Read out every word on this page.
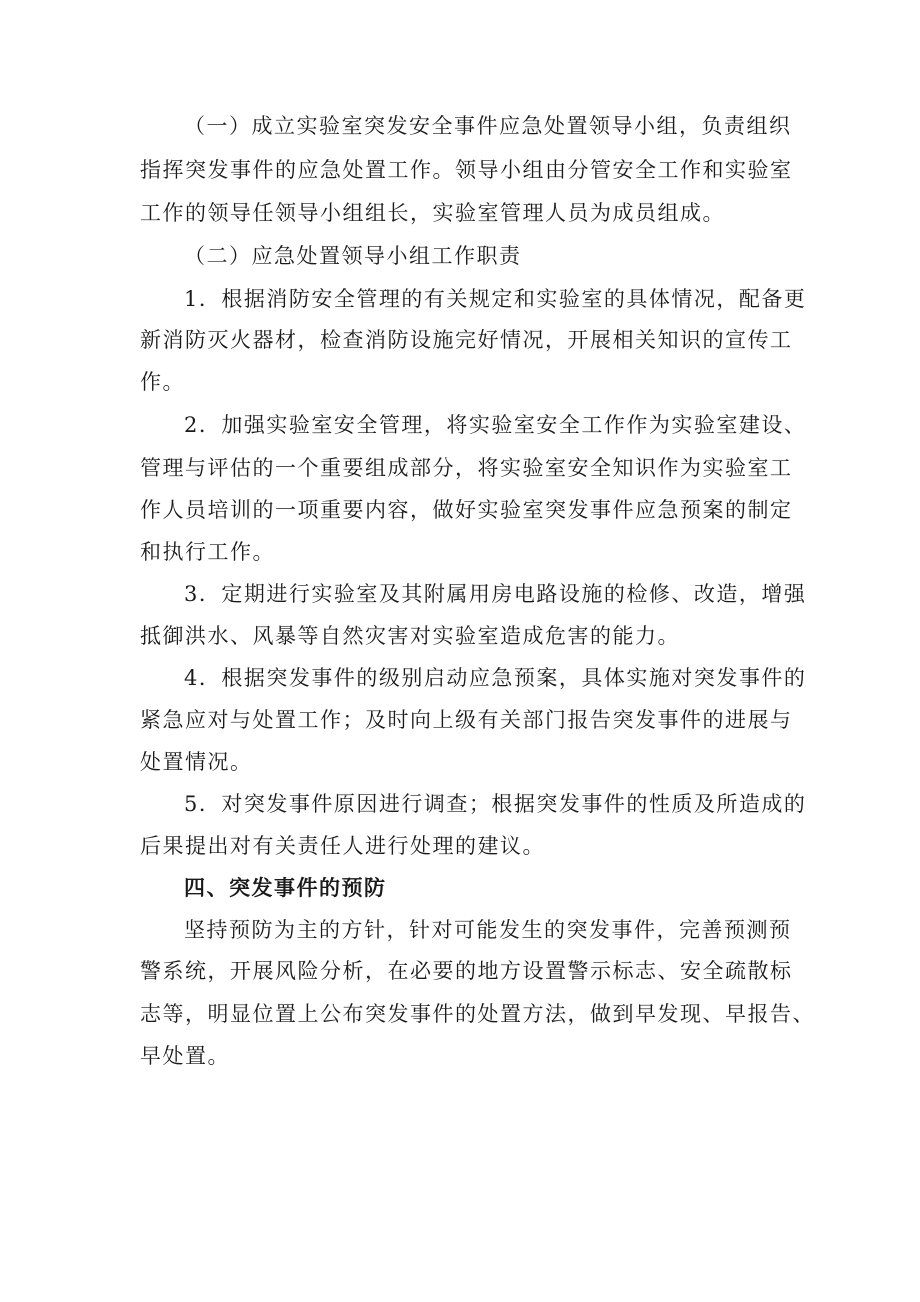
（一）成立实验室突发安全事件应急处置领导小组，负责组织
指挥突发事件的应急处置工作。领导小组由分管安全工作和实验室
工作的领导任领导小组组长，实验室管理人员为成员组成。
（二）应急处置领导小组工作职责
1．根据消防安全管理的有关规定和实验室的具体情况，配备更
新消防灭火器材，检查消防设施完好情况，开展相关知识的宣传工
作。
2．加强实验室安全管理，将实验室安全工作作为实验室建设、
管理与评估的一个重要组成部分，将实验室安全知识作为实验室工
作人员培训的一项重要内容，做好实验室突发事件应急预案的制定
和执行工作。
3．定期进行实验室及其附属用房电路设施的检修、改造，增强
抵御洪水、风暴等自然灾害对实验室造成危害的能力。
4．根据突发事件的级别启动应急预案，具体实施对突发事件的
紧急应对与处置工作；及时向上级有关部门报告突发事件的进展与
处置情况。
5．对突发事件原因进行调查；根据突发事件的性质及所造成的
后果提出对有关责任人进行处理的建议。
四、突发事件的预防
坚持预防为主的方针，针对可能发生的突发事件，完善预测预
警系统，开展风险分析，在必要的地方设置警示标志、安全疏散标
志等，明显位置上公布突发事件的处置方法，做到早发现、早报告、
早处置。
